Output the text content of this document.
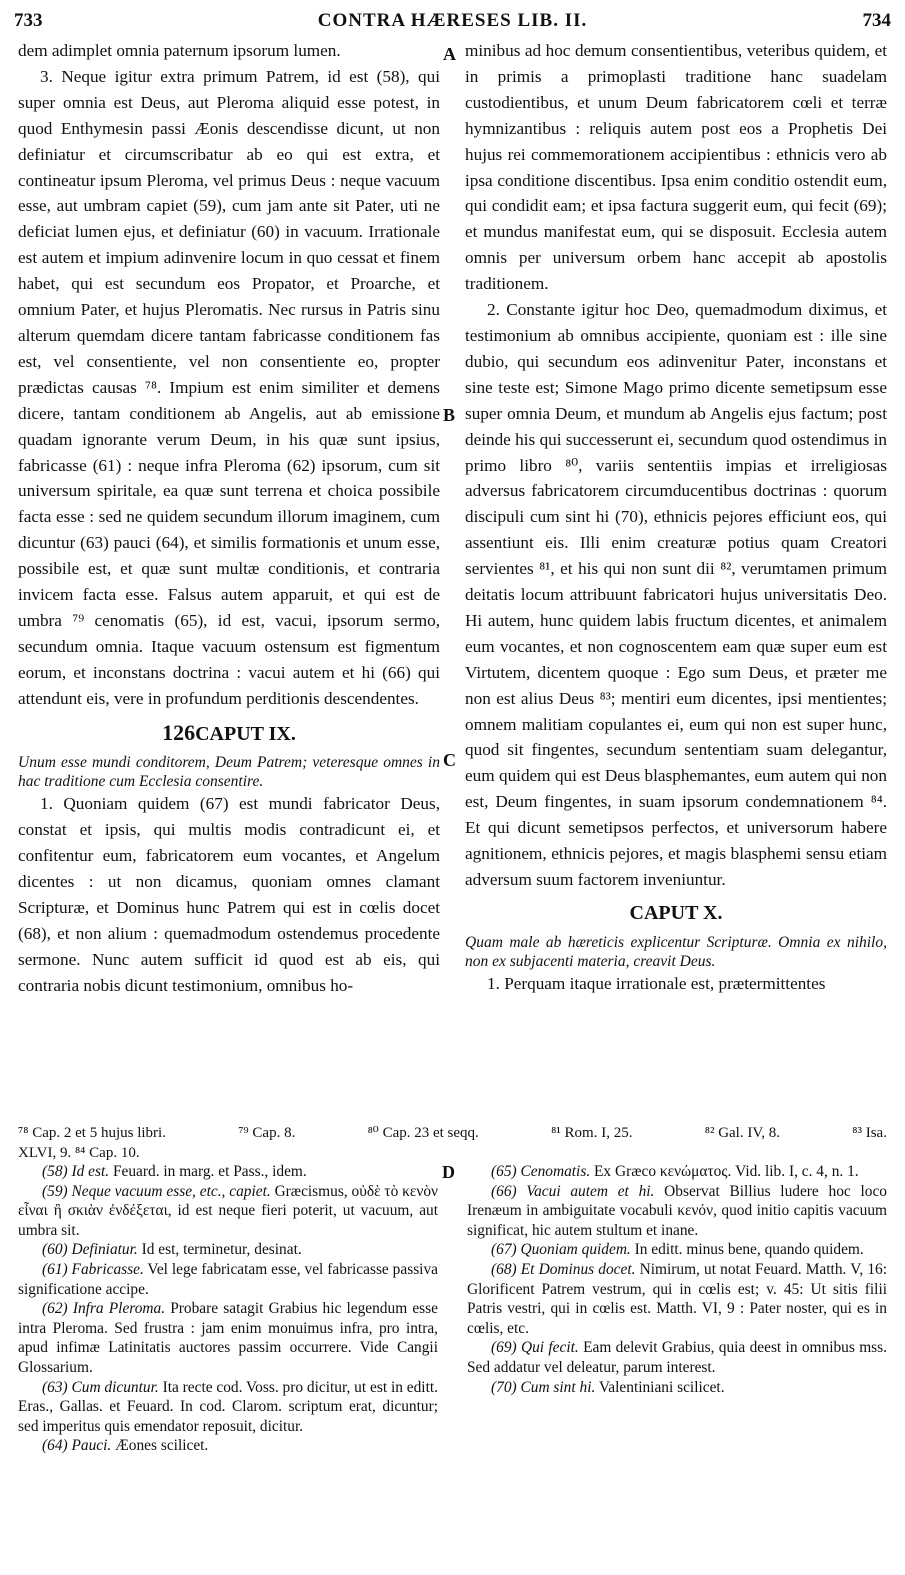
733	CONTRA HÆRESES LIB. II.	734
A
B
C

dem adimplet omnia paternum ipsorum lumen.

3. Neque igitur extra primum Patrem, id est (58), qui super omnia est Deus, aut Pleroma aliquid esse potest, in quod Enthymesin passi Æonis descendisse dicunt, ut non definiatur et circumscribatur ab eo qui est extra, et contineatur ipsum Pleroma, vel primus Deus : neque vacuum esse, aut umbram capiet (59), cum jam ante sit Pater, uti ne deficiat lumen ejus, et definiatur (60) in vacuum. Irrationale est autem et impium adinvenire locum in quo cessat et finem habet, qui est secundum eos Propator, et Proarche, et omnium Pater, et hujus Pleromatis. Nec rursus in Patris sinu alterum quemdam dicere tantam fabricasse conditionem fas est, vel consentiente, vel non consentiente eo, propter prædictas causas ⁷⁸. Impium est enim similiter et demens dicere, tantam conditionem ab Angelis, aut ab emissione quadam ignorante verum Deum, in his quæ sunt ipsius, fabricasse (61) : neque infra Pleroma (62) ipsorum, cum sit universum spiritale, ea quæ sunt terrena et choica possibile facta esse : sed ne quidem secundum illorum imaginem, cum dicuntur (63) pauci (64), et similis formationis et unum esse, possibile est, et quæ sunt multæ conditionis, et contraria invicem facta esse. Falsus autem apparuit, et qui est de umbra ⁷⁹ cenomatis (65), id est, vacui, ipsorum sermo, secundum omnia. Itaque vacuum ostensum est figmentum eorum, et inconstans doctrina : vacui autem et hi (66) qui attendunt eis, vere in profundum perditionis descendentes.

126CAPUT IX.

Unum esse mundi conditorem, Deum Patrem; veteresque omnes in hac traditione cum Ecclesia consentire.

1. Quoniam quidem (67) est mundi fabricator Deus, constat et ipsis, qui multis modis contradicunt ei, et confitentur eum, fabricatorem eum vocantes, et Angelum dicentes : ut non dicamus, quoniam omnes clamant Scripturæ, et Dominus hunc Patrem qui est in cœlis docet (68), et non alium : quemadmodum ostendemus procedente sermone. Nunc autem sufficit id quod est ab eis, qui contraria nobis dicunt testimonium, omnibus ho-

minibus ad hoc demum consentientibus, veteribus quidem, et in primis a primoplasti traditione hanc suadelam custodientibus, et unum Deum fabricatorem cœli et terræ hymnizantibus : reliquis autem post eos a Prophetis Dei hujus rei commemorationem accipientibus : ethnicis vero ab ipsa conditione discentibus. Ipsa enim conditio ostendit eum, qui condidit eam; et ipsa factura suggerit eum, qui fecit (69); et mundus manifestat eum, qui se disposuit. Ecclesia autem omnis per universum orbem hanc accepit ab apostolis traditionem.

2. Constante igitur hoc Deo, quemadmodum diximus, et testimonium ab omnibus accipiente, quoniam est : ille sine dubio, qui secundum eos adinvenitur Pater, inconstans et sine teste est; Simone Mago primo dicente semetipsum esse super omnia Deum, et mundum ab Angelis ejus factum; post deinde his qui successerunt ei, secundum quod ostendimus in primo libro ⁸⁰, variis sententiis impias et irreligiosas adversus fabricatorem circumducentibus doctrinas : quorum discipuli cum sint hi (70), ethnicis pejores efficiunt eos, qui assentiunt eis. Illi enim creaturæ potius quam Creatori servientes ⁸¹, et his qui non sunt dii ⁸², verumtamen primum deitatis locum attribuunt fabricatori hujus universitatis Deo. Hi autem, hunc quidem labis fructum dicentes, et animalem eum vocantes, et non cognoscentem eam quæ super eum est Virtutem, dicentem quoque : Ego sum Deus, et præter me non est alius Deus ⁸³; mentiri eum dicentes, ipsi mentientes; omnem malitiam copulantes ei, eum qui non est super hunc, quod sit fingentes, secundum sententiam suam delegantur, eum quidem qui est Deus blasphemantes, eum autem qui non est, Deum fingentes, in suam ipsorum condemnationem ⁸⁴. Et qui dicunt semetipsos perfectos, et universorum habere agnitionem, ethnicis pejores, et magis blasphemi sensu etiam adversum suum factorem inveniuntur.

CAPUT X.

Quam male ab hæreticis explicentur Scripturæ. Omnia ex nihilo, non ex subjacenti materia, creavit Deus.

1. Perquam itaque irrationale est, prætermittentes

⁷⁸ Cap. 2 et 5 hujus libri.	⁷⁹ Cap. 8.	⁸⁰ Cap. 23 et seqq.	⁸¹ Rom. I, 25.	⁸² Gal. IV, 8.	⁸³ Isa.
XLVI, 9. ⁸⁴ Cap. 10.
D

(58) Id est. Feuard. in marg. et Pass., idem.

(59) Neque vacuum esse, etc., capiet. Græcismus, οὐδὲ τὸ κενὸν εἶναι ἢ σκιὰν ἐνδέξεται, id est neque fieri poterit, ut vacuum, aut umbra sit.

(60) Definiatur. Id est, terminetur, desinat.

(61) Fabricasse. Vel lege fabricatam esse, vel fabricasse passiva significatione accipe.

(62) Infra Pleroma. Probare satagit Grabius hic legendum esse intra Pleroma. Sed frustra : jam enim monuimus infra, pro intra, apud infimæ Latinitatis auctores passim occurrere. Vide Cangii Glossarium.

(63) Cum dicuntur. Ita recte cod. Voss. pro dicitur, ut est in editt. Eras., Gallas. et Feuard. In cod. Clarom. scriptum erat, dicuntur; sed imperitus quis emendator reposuit, dicitur.

(64) Pauci. Æones scilicet.

(65) Cenomatis. Ex Græco κενώματος. Vid. lib. I, c. 4, n. 1.

(66) Vacui autem et hi. Observat Billius ludere hoc loco Irenæum in ambiguitate vocabuli κενόν, quod initio capitis vacuum significat, hic autem stultum et inane.

(67) Quoniam quidem. In editt. minus bene, quando quidem.

(68) Et Dominus docet. Nimirum, ut notat Feuard. Matth. V, 16: Glorificent Patrem vestrum, qui in cœlis est; v. 45: Ut sitis filii Patris vestri, qui in cœlis est. Matth. VI, 9 : Pater noster, qui es in cœlis, etc.

(69) Qui fecit. Eam delevit Grabius, quia deest in omnibus mss. Sed addatur vel deleatur, parum interest.

(70) Cum sint hi. Valentiniani scilicet.
